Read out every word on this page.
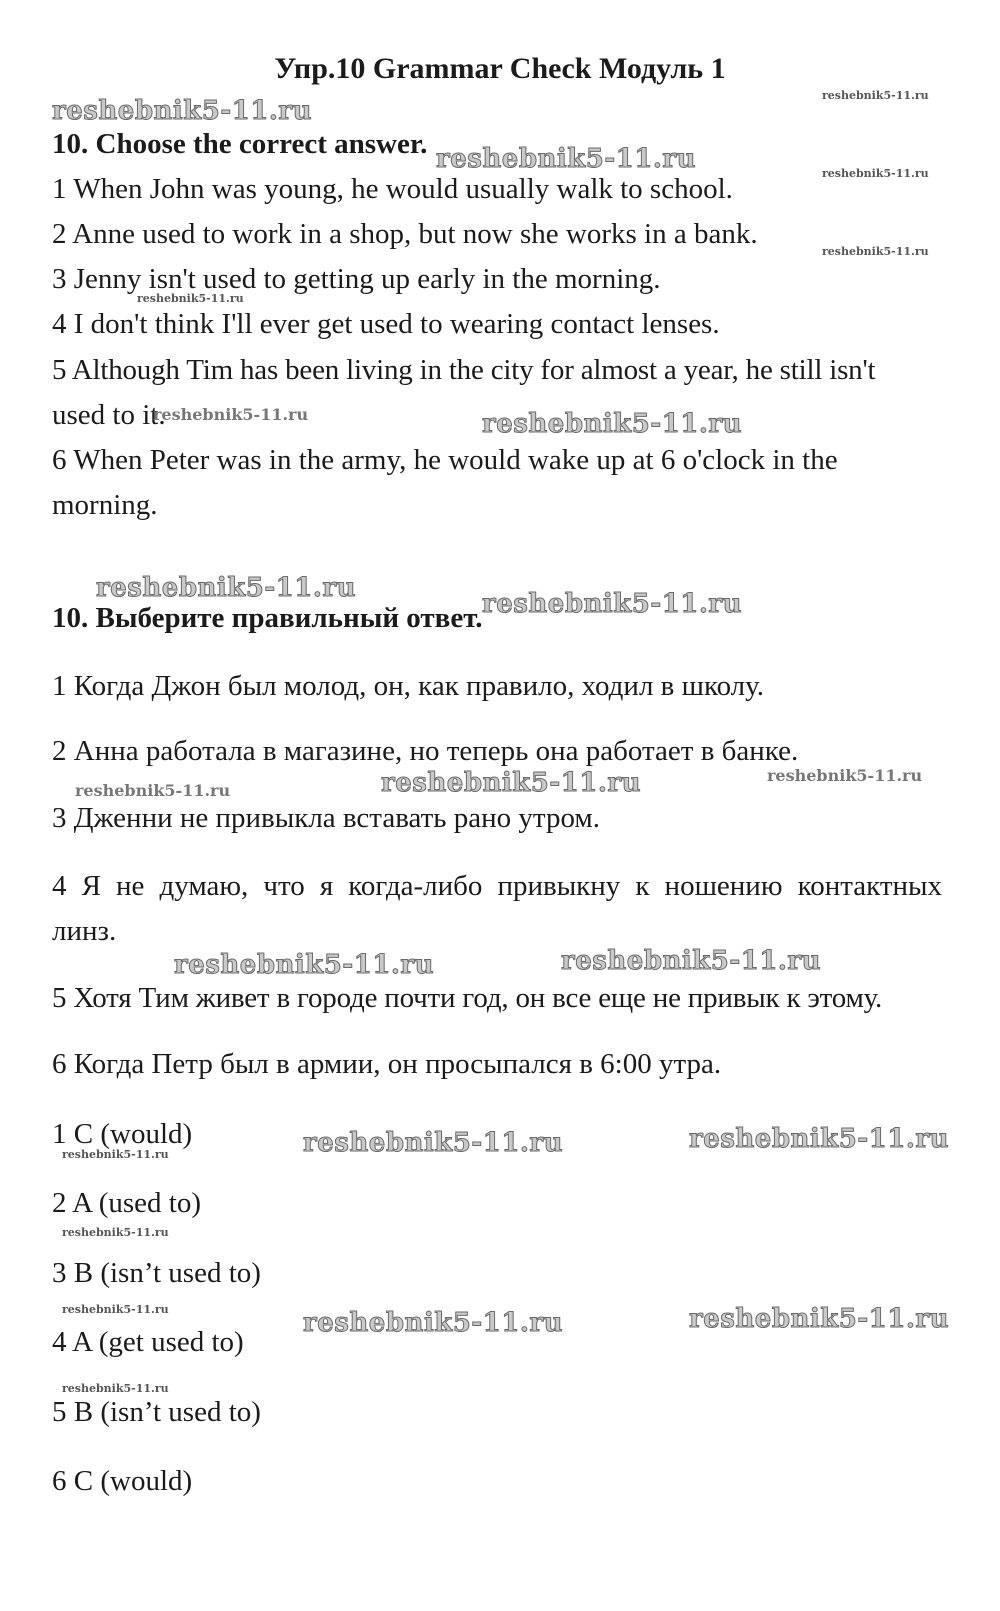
Упр.10 Grammar Check Модуль 1
10. Choose the correct answer.
1 When John was young, he would usually walk to school.
2 Anne used to work in a shop, but now she works in a bank.
3 Jenny isn't used to getting up early in the morning.
4 I don't think I'll ever get used to wearing contact lenses.
5 Although Tim has been living in the city for almost a year, he still isn't
used to it.
6 When Peter was in the army, he would wake up at 6 o'clock in the
morning.
10. Выберите правильный ответ.
1 Когда Джон был молод, он, как правило, ходил в школу.
2 Анна работала в магазине, но теперь она работает в банке.
3 Дженни не привыкла вставать рано утром.
4 Я не думаю, что я когда-либо привыкну к ношению контактных
линз.
5 Хотя Тим живет в городе почти год, он все еще не привык к этому.
6 Когда Петр был в армии, он просыпался в 6:00 утра.
1 C (would)
2 A (used to)
3 B (isn’t used to)
4 A (get used to)
5 B (isn’t used to)
6 C (would)
reshebnik5-11.ru
reshebnik5-11.ru
reshebnik5-11.ru	reshebnik5-11.ru
reshebnik5-11.ru
reshebnik5-11.ru
reshebnik5-11.ru	reshebnik5-11.ru
reshebnik5-11.ru
reshebnik5-11.ru
reshebnik5-11.ru	reshebnik5-11.ru
reshebnik5-11.ru
reshebnik5-11.ru	reshebnik5-11.ru
reshebnik5-11.ru	reshebnik5-11.ru
reshebnik5-11.ru
reshebnik5-11.ru
reshebnik5-11.ru	reshebnik5-11.ru	reshebnik5-11.ru
reshebnik5-11.ru
